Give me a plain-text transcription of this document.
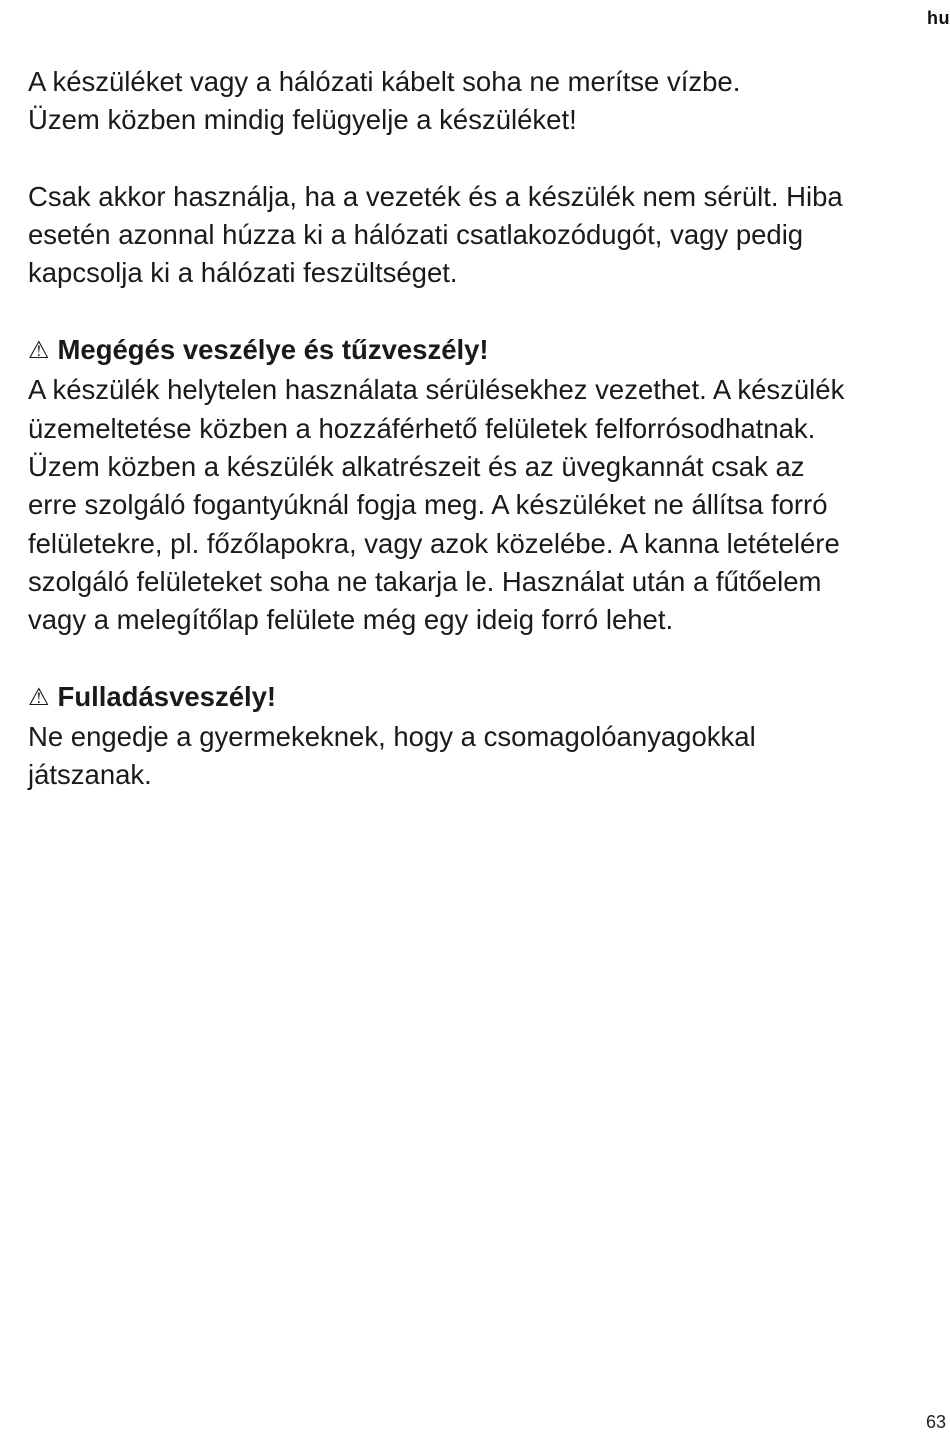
hu

A készüléket vagy a hálózati kábelt soha ne merítse vízbe.
Üzem közben mindig felügyelje a készüléket!

Csak akkor használja, ha a vezeték és a készülék nem sérült. Hiba
esetén azonnal húzza ki a hálózati csatlakozódugót, vagy pedig
kapcsolja ki a hálózati feszültséget.

⚠ Megégés veszélye és tűzveszély!
A készülék helytelen használata sérülésekhez vezethet. A készülék
üzemeltetése közben a hozzáférhető felületek felforrósodhatnak.
Üzem közben a készülék alkatrészeit és az üvegkannát csak az
erre szolgáló fogantyúknál fogja meg. A készüléket ne állítsa forró
felületekre, pl. főzőlapokra, vagy azok közelébe. A kanna letételére
szolgáló felületeket soha ne takarja le. Használat után a fűtőelem
vagy a melegítőlap felülete még egy ideig forró lehet.

⚠ Fulladásveszély!
Ne engedje a gyermekeknek, hogy a csomagolóanyagokkal
játszanak.

63
